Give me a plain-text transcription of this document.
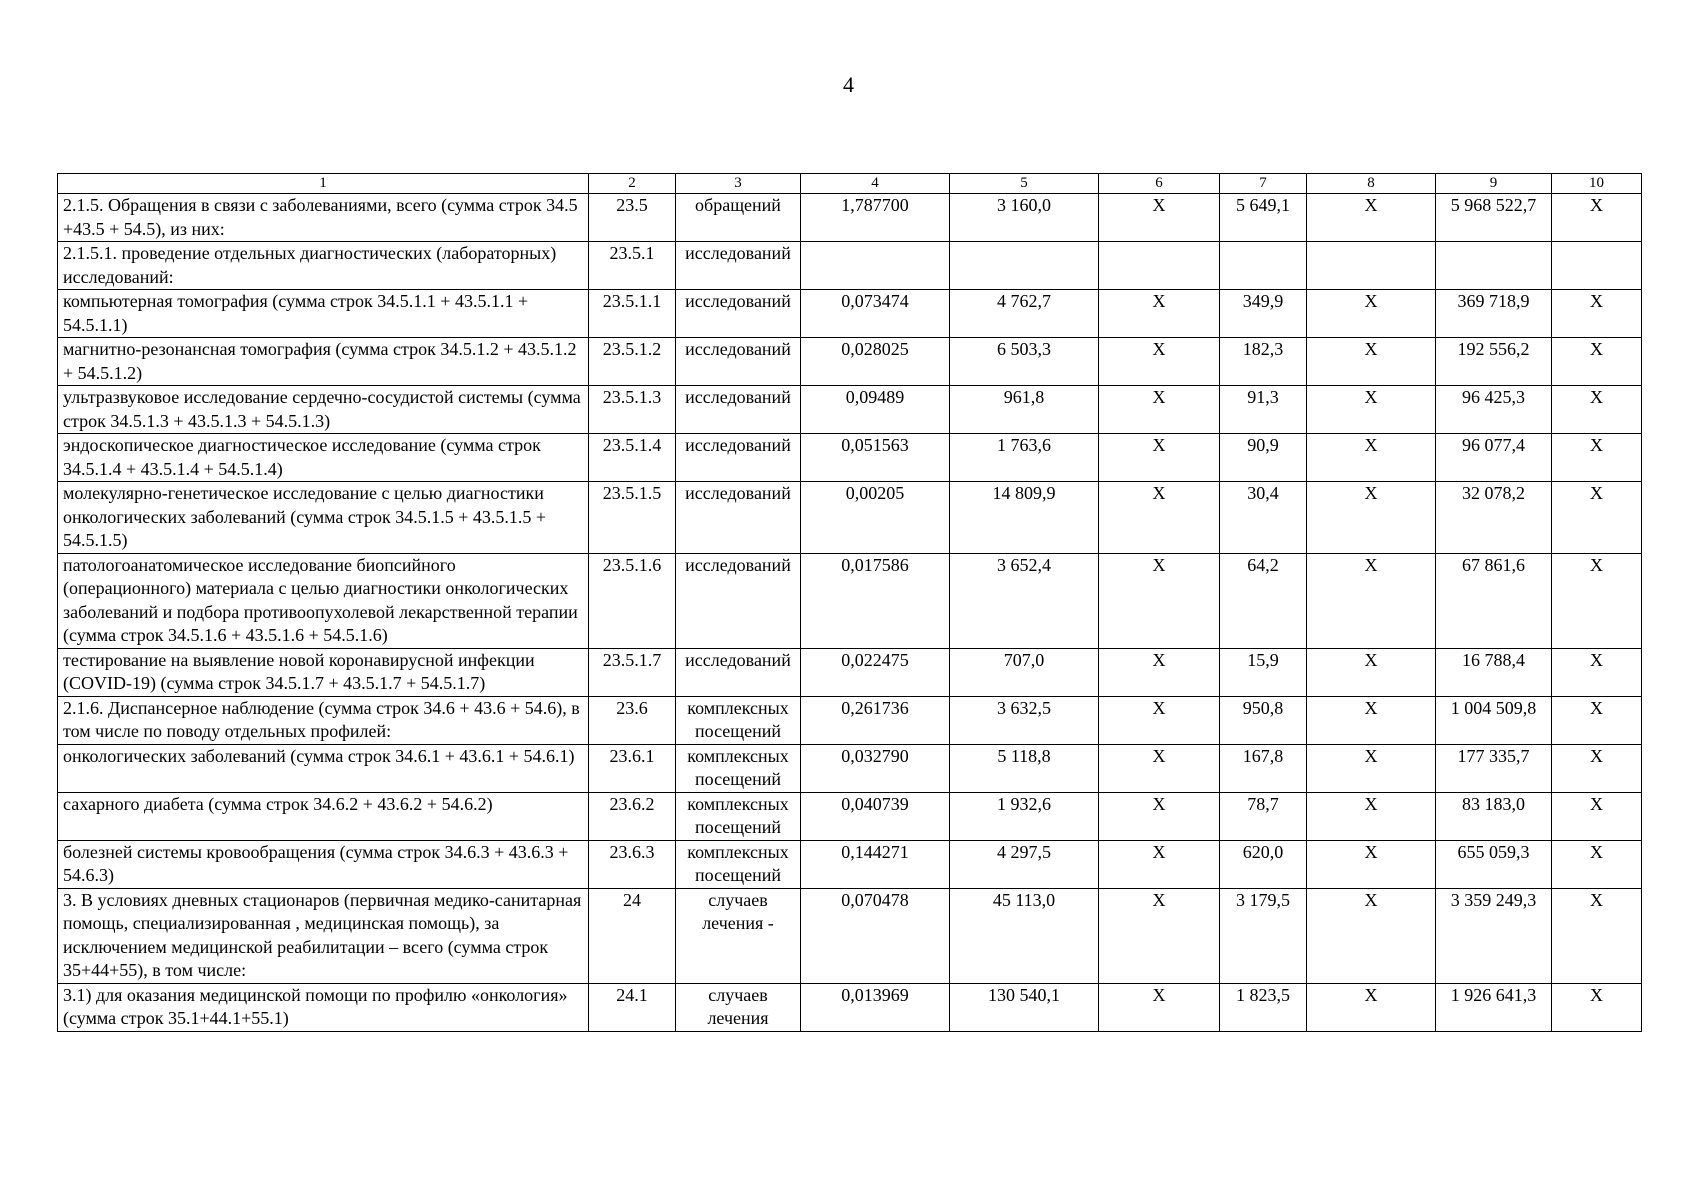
4
1	2	3	4	5	6	7	8	9	10
2.1.5. Обращения в связи с заболеваниями, всего (сумма строк 34.5 +43.5 + 54.5), из них:	23.5	обращений	1,787700	3 160,0	Х	5 649,1	Х	5 968 522,7	Х
2.1.5.1. проведение отдельных диагностических (лабораторных) исследований:	23.5.1	исследований							
компьютерная томография (сумма строк 34.5.1.1 + 43.5.1.1 + 54.5.1.1)	23.5.1.1	исследований	0,073474	4 762,7	Х	349,9	Х	369 718,9	Х
магнитно-резонансная томография (сумма строк 34.5.1.2 + 43.5.1.2 + 54.5.1.2)	23.5.1.2	исследований	0,028025	6 503,3	Х	182,3	Х	192 556,2	Х
ультразвуковое исследование сердечно-сосудистой системы (сумма строк 34.5.1.3 + 43.5.1.3 + 54.5.1.3)	23.5.1.3	исследований	0,09489	961,8	Х	91,3	Х	96 425,3	Х
эндоскопическое диагностическое исследование (сумма строк 34.5.1.4 + 43.5.1.4 + 54.5.1.4)	23.5.1.4	исследований	0,051563	1 763,6	Х	90,9	Х	96 077,4	Х
молекулярно-генетическое исследование с целью диагностики онкологических заболеваний (сумма строк 34.5.1.5 + 43.5.1.5 + 54.5.1.5)	23.5.1.5	исследований	0,00205	14 809,9	Х	30,4	Х	32 078,2	Х
патологоанатомическое исследование биопсийного (операционного) материала с целью диагностики онкологических заболеваний и подбора противоопухолевой лекарственной терапии (сумма строк 34.5.1.6 + 43.5.1.6 + 54.5.1.6)	23.5.1.6	исследований	0,017586	3 652,4	Х	64,2	Х	67 861,6	Х
тестирование на выявление новой коронавирусной инфекции (COVID-19) (сумма строк 34.5.1.7 + 43.5.1.7 + 54.5.1.7)	23.5.1.7	исследований	0,022475	707,0	Х	15,9	Х	16 788,4	Х
2.1.6. Диспансерное наблюдение (сумма строк 34.6 + 43.6 + 54.6), в том числе по поводу отдельных профилей:	23.6	комплексных посещений	0,261736	3 632,5	Х	950,8	Х	1 004 509,8	Х
онкологических заболеваний (сумма строк 34.6.1 + 43.6.1 + 54.6.1)	23.6.1	комплексных посещений	0,032790	5 118,8	Х	167,8	Х	177 335,7	Х
сахарного диабета (сумма строк 34.6.2 + 43.6.2 + 54.6.2)	23.6.2	комплексных посещений	0,040739	1 932,6	Х	78,7	Х	83 183,0	Х
болезней системы кровообращения (сумма строк 34.6.3 + 43.6.3 + 54.6.3)	23.6.3	комплексных посещений	0,144271	4 297,5	Х	620,0	Х	655 059,3	Х
3. В условиях дневных стационаров (первичная медико-санитарная помощь, специализированная , медицинская помощь), за исключением медицинской реабилитации – всего (сумма строк 35+44+55), в том числе:	24	случаев лечения -	0,070478	45 113,0	Х	3 179,5	Х	3 359 249,3	Х
3.1) для оказания медицинской помощи по профилю «онкология» (сумма строк 35.1+44.1+55.1)	24.1	случаев лечения	0,013969	130 540,1	Х	1 823,5	Х	1 926 641,3	Х
